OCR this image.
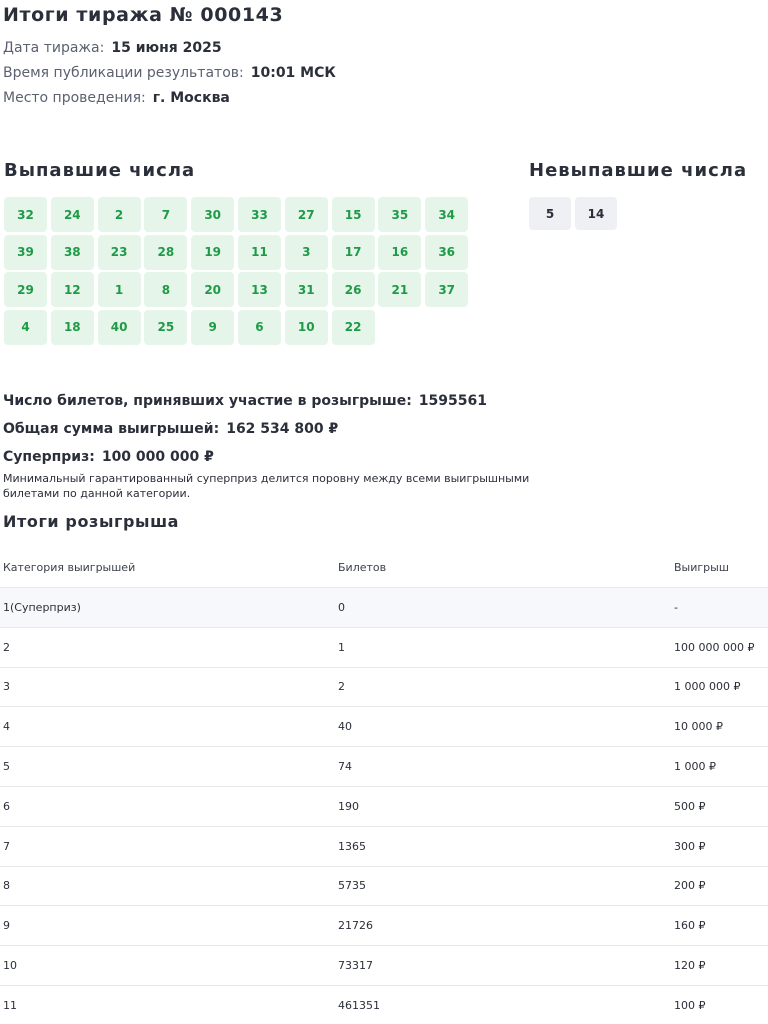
Итоги тиража № 000143
Дата тиража: 15 июня 2025
Время публикации результатов: 10:01 МСК
Место проведения: г. Москва
Выпавшие числа	Невыпавшие числа
32	24	2	7	30	33	27	15	35	34
39	38	23	28	19	11	3	17	16	36
29	12	1	8	20	13	31	26	21	37
4	18	40	25	9	6	10	22
5	14
Число билетов, принявших участие в розыгрыше: 1595561
Общая сумма выигрышей: 162 534 800 ₽
Суперприз: 100 000 000 ₽
Минимальный гарантированный суперприз делится поровну между всеми выигрышными билетами по данной категории.
Итоги розыгрыша
Категория выигрышей	Билетов	Выигрыш
1(Суперприз)	0	-
2	1	100 000 000 ₽
3	2	1 000 000 ₽
4	40	10 000 ₽
5	74	1 000 ₽
6	190	500 ₽
7	1365	300 ₽
8	5735	200 ₽
9	21726	160 ₽
10	73317	120 ₽
11	461351	100 ₽
